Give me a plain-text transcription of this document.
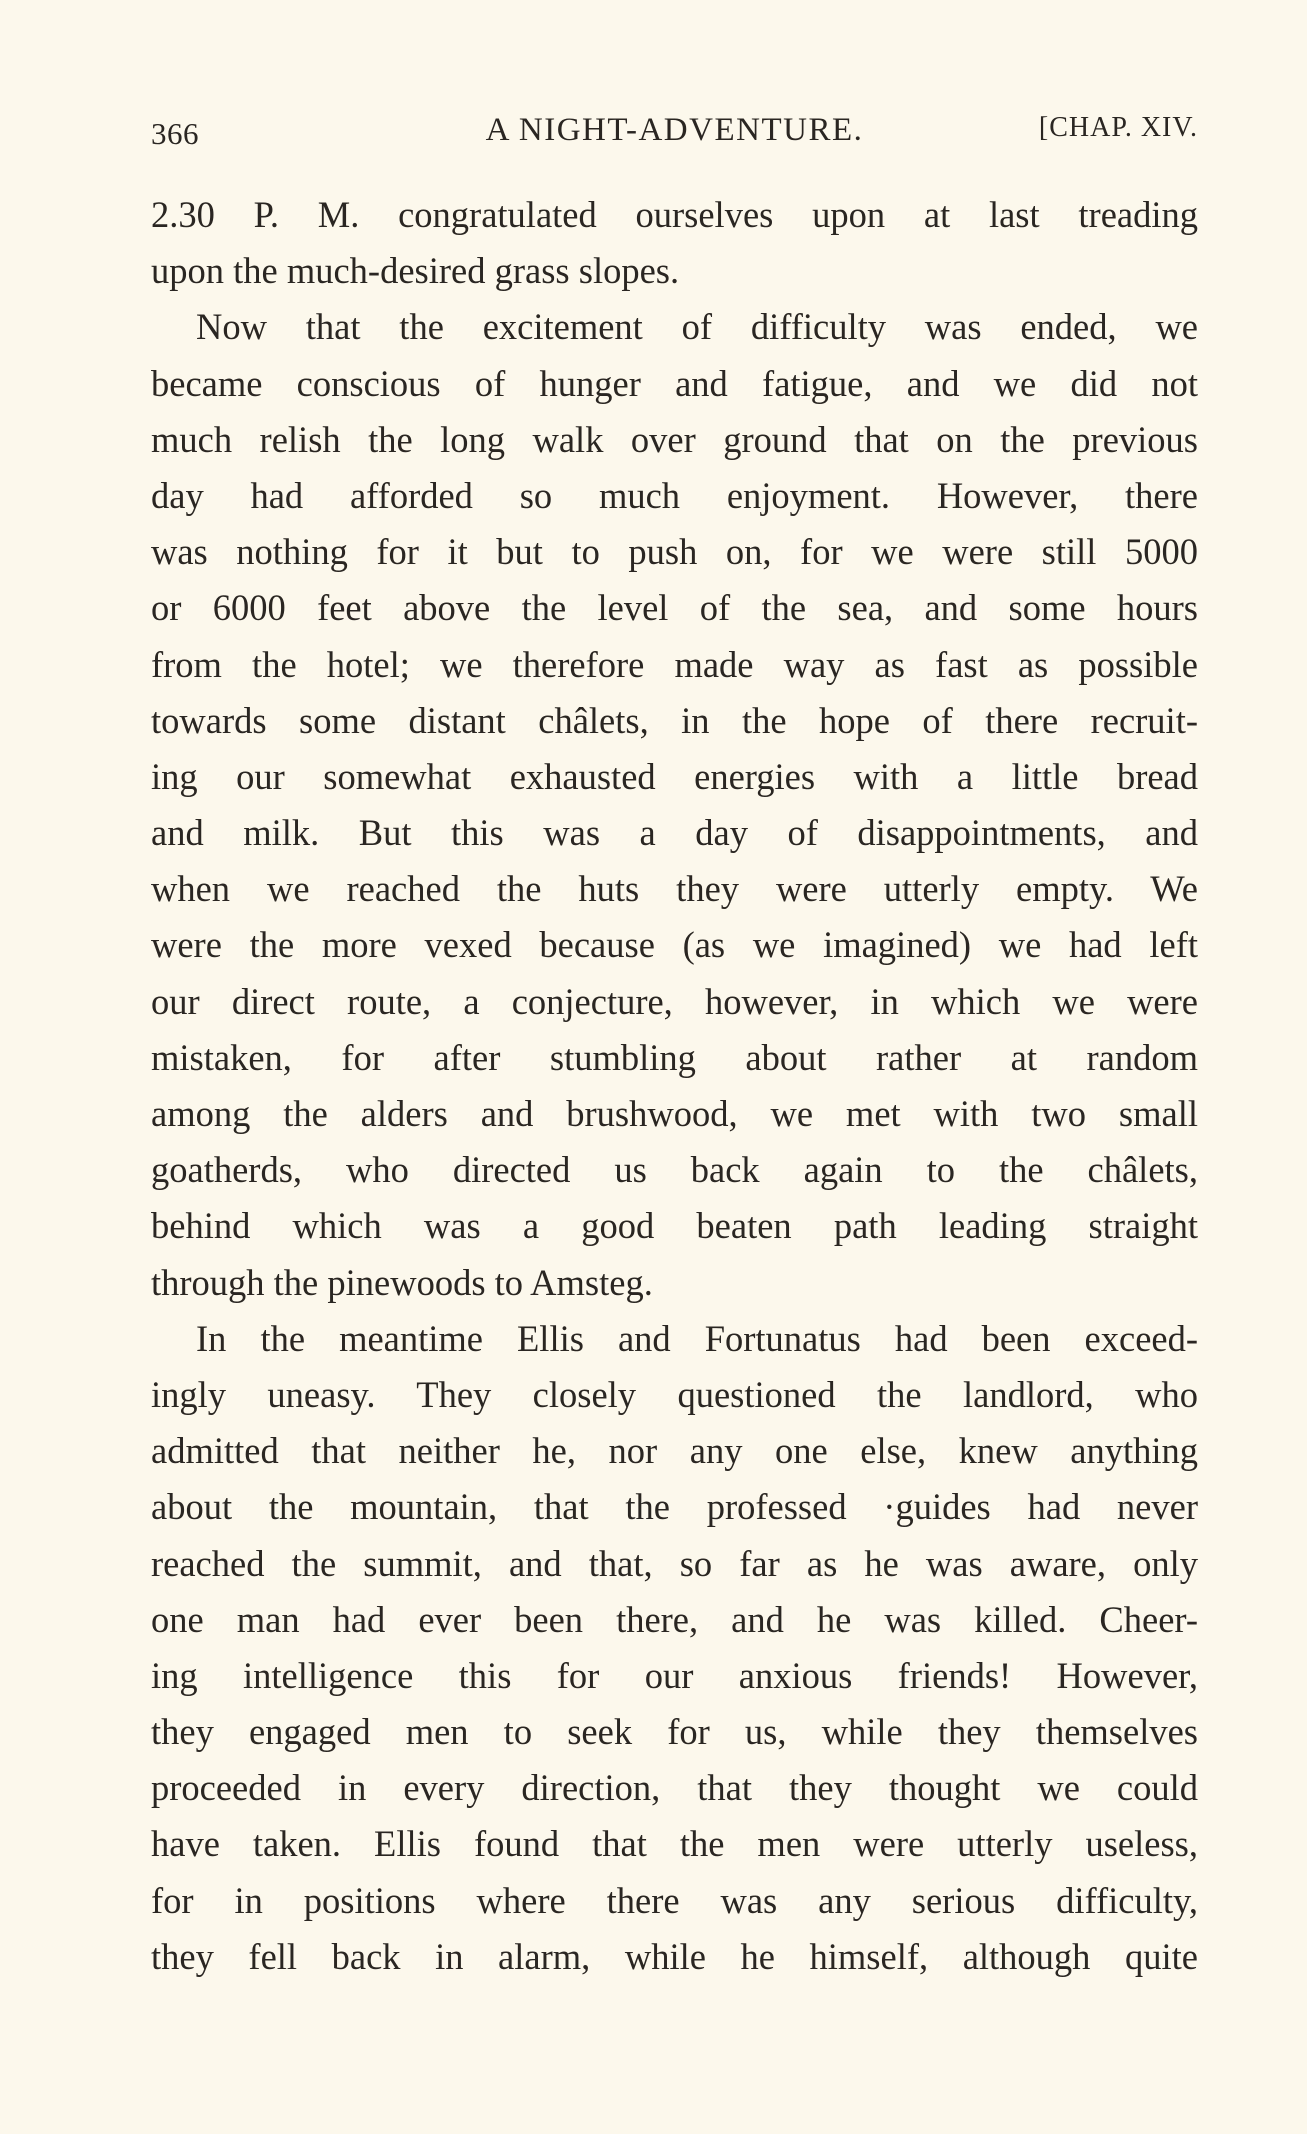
366	A NIGHT-ADVENTURE.	[CHAP. XIV.
2.30 P. M. congratulated ourselves upon at last treading
upon the much-desired grass slopes.
Now that the excitement of difficulty was ended, we
became conscious of hunger and fatigue, and we did not
much relish the long walk over ground that on the previous
day had afforded so much enjoyment. However, there
was nothing for it but to push on, for we were still 5000
or 6000 feet above the level of the sea, and some hours
from the hotel; we therefore made way as fast as possible
towards some distant châlets, in the hope of there recruit-
ing our somewhat exhausted energies with a little bread
and milk. But this was a day of disappointments, and
when we reached the huts they were utterly empty. We
were the more vexed because (as we imagined) we had left
our direct route, a conjecture, however, in which we were
mistaken, for after stumbling about rather at random
among the alders and brushwood, we met with two small
goatherds, who directed us back again to the châlets,
behind which was a good beaten path leading straight
through the pinewoods to Amsteg.
In the meantime Ellis and Fortunatus had been exceed-
ingly uneasy. They closely questioned the landlord, who
admitted that neither he, nor any one else, knew anything
about the mountain, that the professed ·guides had never
reached the summit, and that, so far as he was aware, only
one man had ever been there, and he was killed. Cheer-
ing intelligence this for our anxious friends! However,
they engaged men to seek for us, while they themselves
proceeded in every direction, that they thought we could
have taken. Ellis found that the men were utterly useless,
for in positions where there was any serious difficulty,
they fell back in alarm, while he himself, although quite
